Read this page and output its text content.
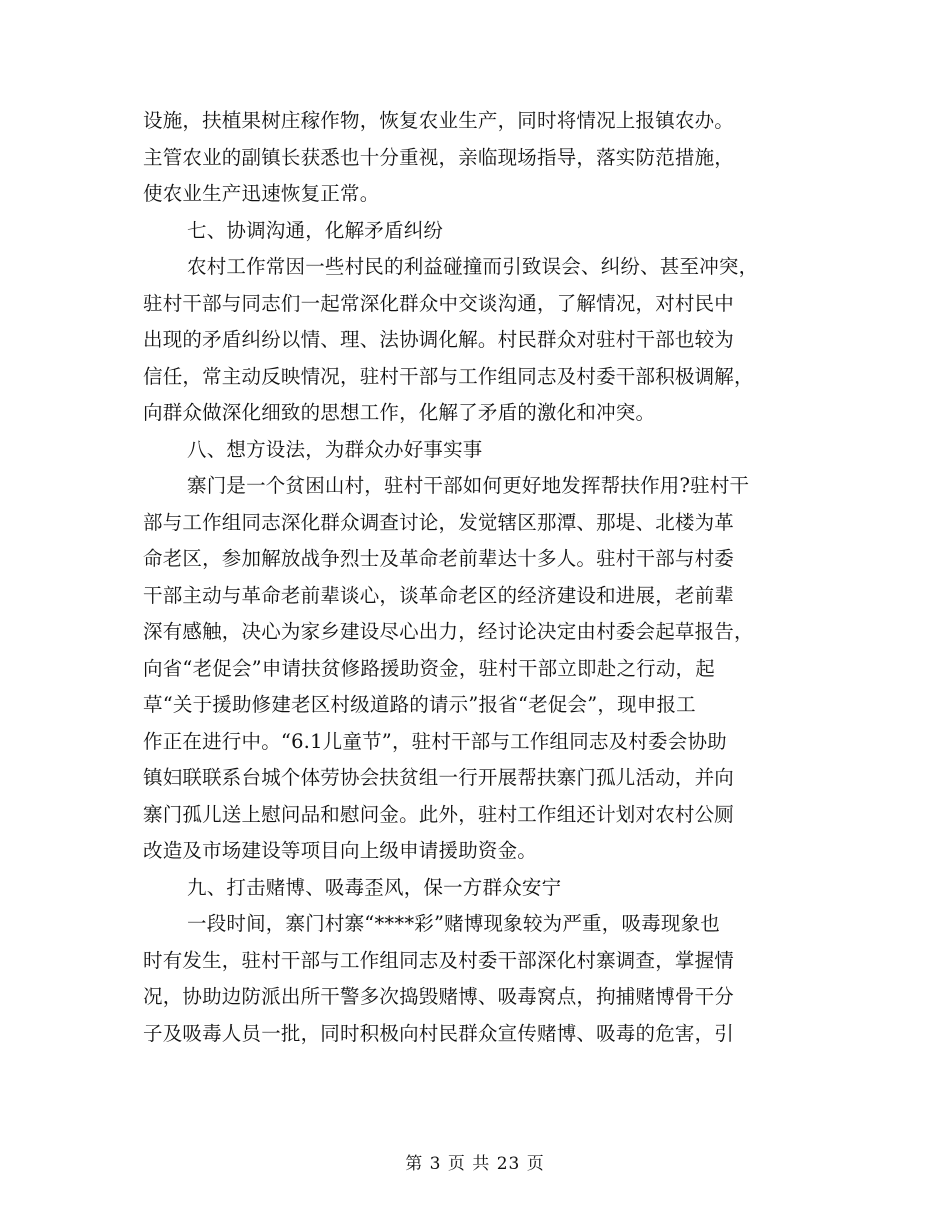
设施，扶植果树庄稼作物，恢复农业生产，同时将情况上报镇农办。
主管农业的副镇长获悉也十分重视，亲临现场指导，落实防范措施，
使农业生产迅速恢复正常。
七、协调沟通，化解矛盾纠纷
农村工作常因一些村民的利益碰撞而引致误会、纠纷、甚至冲突，
驻村干部与同志们一起常深化群众中交谈沟通，了解情况，对村民中
出现的矛盾纠纷以情、理、法协调化解。村民群众对驻村干部也较为
信任，常主动反映情况，驻村干部与工作组同志及村委干部积极调解，
向群众做深化细致的思想工作，化解了矛盾的激化和冲突。
八、想方设法，为群众办好事实事
寨门是一个贫困山村，驻村干部如何更好地发挥帮扶作用?驻村干
部与工作组同志深化群众调查讨论，发觉辖区那潭、那堤、北楼为革
命老区，参加解放战争烈士及革命老前辈达十多人。驻村干部与村委
干部主动与革命老前辈谈心，谈革命老区的经济建设和进展，老前辈
深有感触，决心为家乡建设尽心出力，经讨论决定由村委会起草报告，
向省“老促会”申请扶贫修路援助资金，驻村干部立即赴之行动，起
草“关于援助修建老区村级道路的请示”报省“老促会”，现申报工
作正在进行中。“6.1儿童节”，驻村干部与工作组同志及村委会协助
镇妇联联系台城个体劳协会扶贫组一行开展帮扶寨门孤儿活动，并向
寨门孤儿送上慰问品和慰问金。此外，驻村工作组还计划对农村公厕
改造及市场建设等项目向上级申请援助资金。
九、打击赌博、吸毒歪风，保一方群众安宁
一段时间，寨门村寨“****彩”赌博现象较为严重，吸毒现象也
时有发生，驻村干部与工作组同志及村委干部深化村寨调查，掌握情
况，协助边防派出所干警多次捣毁赌博、吸毒窝点，拘捕赌博骨干分
子及吸毒人员一批，同时积极向村民群众宣传赌博、吸毒的危害，引
第 3 页 共 23 页
